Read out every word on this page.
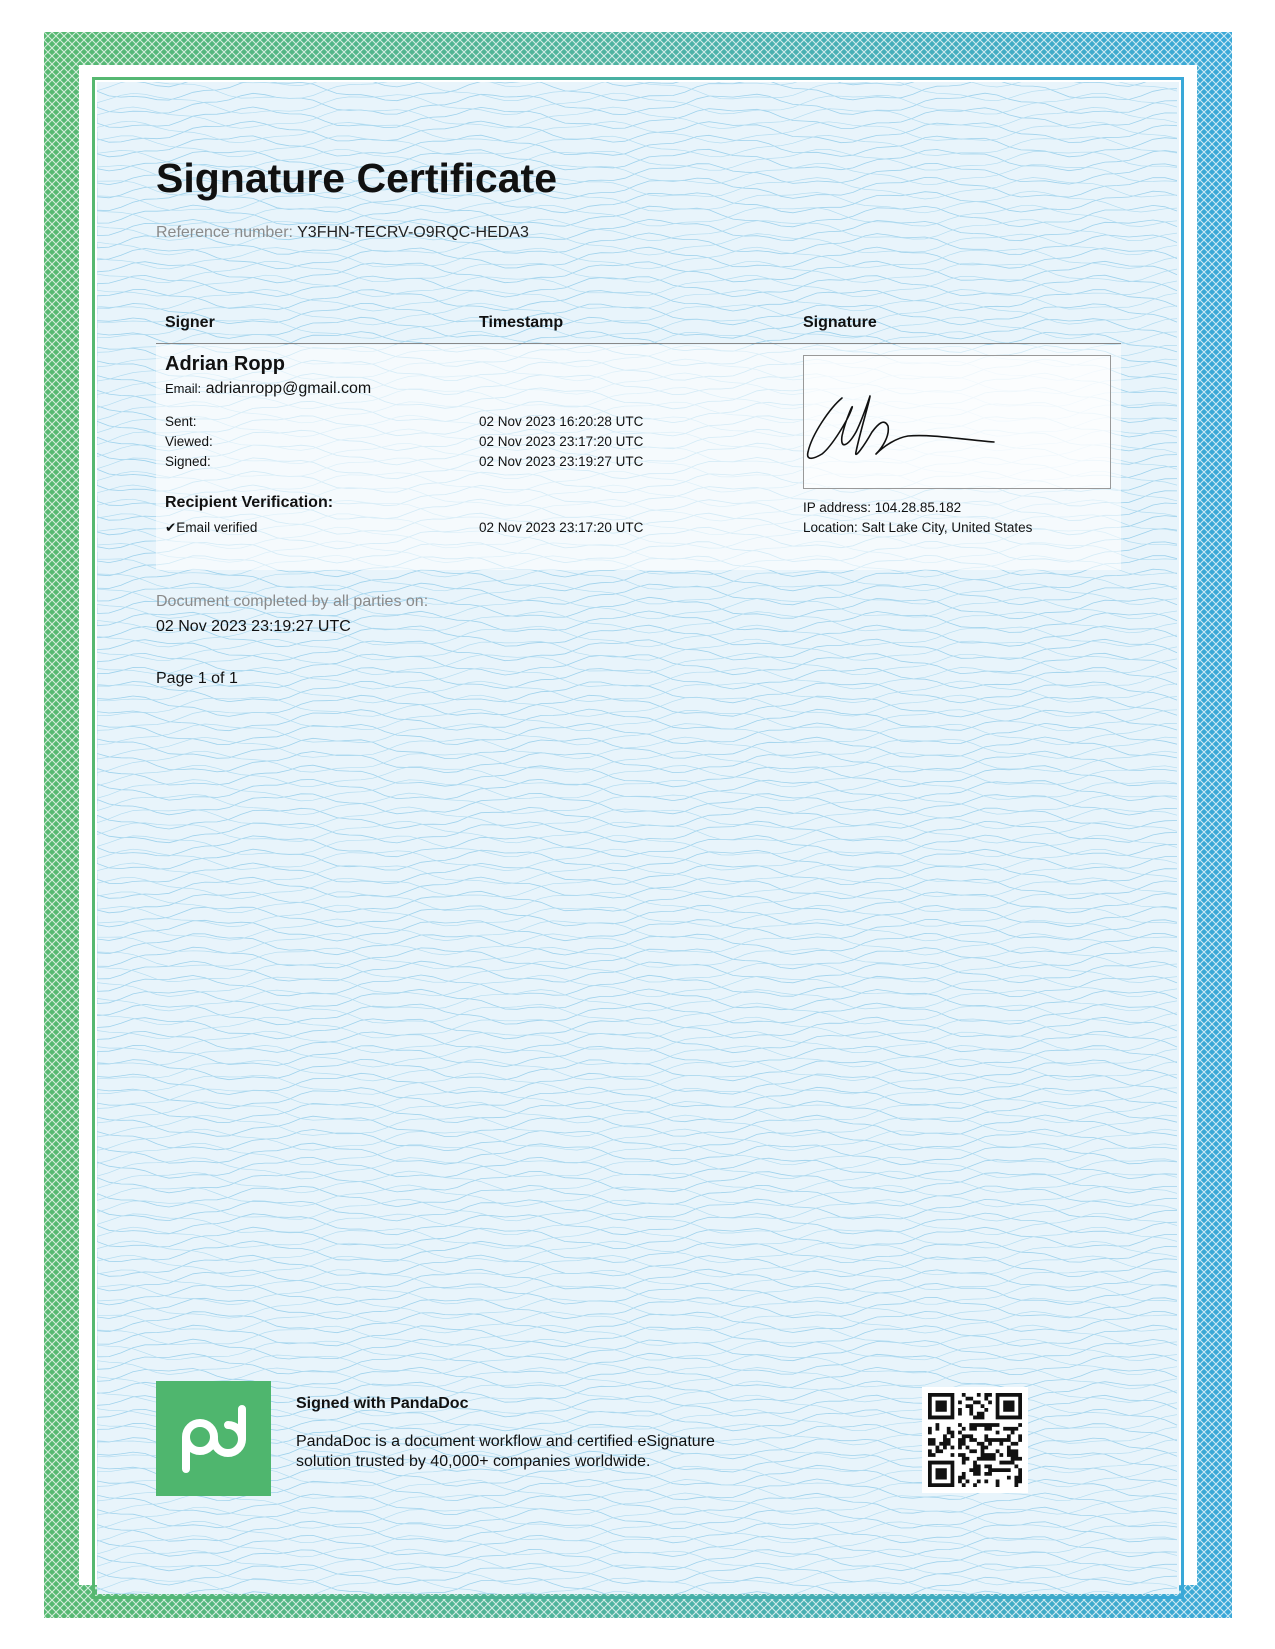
Signature Certificate
Reference number: Y3FHN-TECRV-O9RQC-HEDA3
Signer	Timestamp	Signature
Adrian Ropp
Email: adrianropp@gmail.com
Sent:	02 Nov 2023 16:20:28 UTC
Viewed:	02 Nov 2023 23:17:20 UTC
Signed:	02 Nov 2023 23:19:27 UTC
Recipient Verification:
✔Email verified	02 Nov 2023 23:17:20 UTC
IP address: 104.28.85.182
Location: Salt Lake City, United States
Document completed by all parties on:
02 Nov 2023 23:19:27 UTC
Page 1 of 1
Signed with PandaDoc
PandaDoc is a document workflow and certified eSignature solution trusted by 40,000+ companies worldwide.
